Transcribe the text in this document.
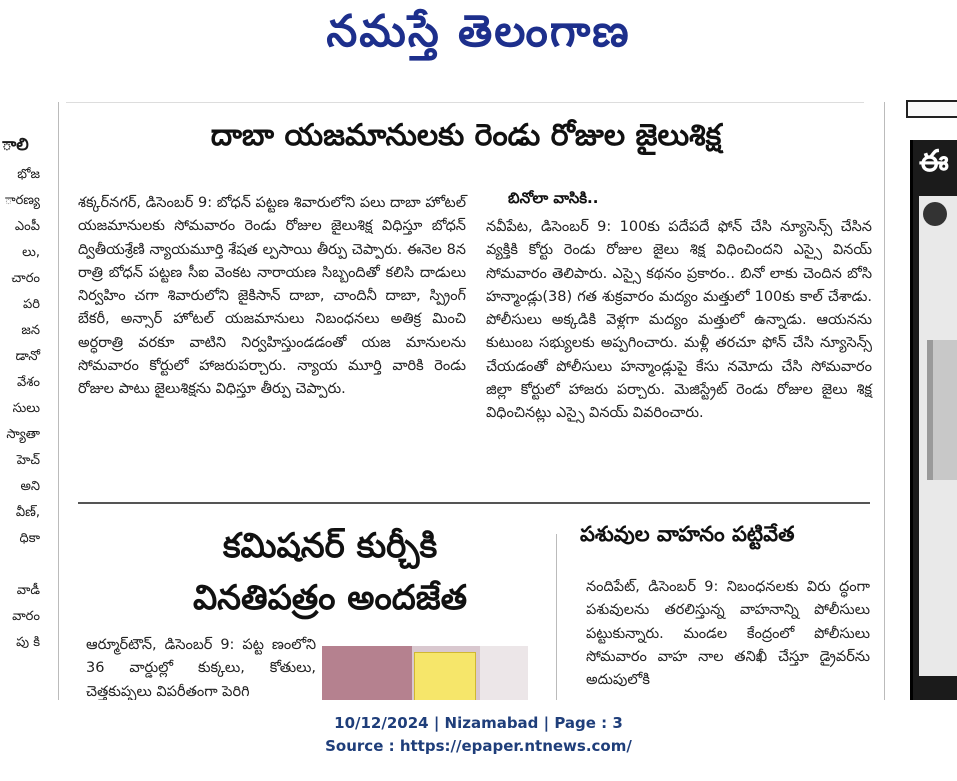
నమస్తే తెలంగాణ
ాలి
భోజ
ారణ్య
ఎంపీ
లు,
చారం
పరి
జన
డానో
వేశం
సులు
స్యాతా
హెచ్
అని
వీణ్,
ధికా

వాడీ
వారం
పు కి
దాబా యజమానులకు రెండు రోజుల జైలుశిక్ష
శక్కర్‌నగర్, డిసెంబర్ 9: బోధన్ పట్టణ శివారులోని పలు దాబా హోటల్ యజమానులకు సోమవారం రెండు రోజుల జైలుశిక్ష విధిస్తూ బోధన్ ద్వితీయశ్రేణి న్యాయమూర్తి శేషత ల్పసాయి తీర్పు చెప్పారు. ఈనెల 8న రాత్రి బోధన్ పట్టణ సీఐ వెంకట నారాయణ సిబ్బందితో కలిసి దాడులు నిర్వహిం చగా శివారులోని జైకిసాన్ దాబా, చాందినీ దాబా, స్ప్రింగ్ బేకరీ, అన్సార్ హోటల్ యజమానులు నిబంధనలు అతిక్ర మించి అర్ధరాత్రి వరకూ వాటిని నిర్వహిస్తుండడంతో యజ మానులను సోమవారం కోర్టులో హాజరుపర్చారు. న్యాయ మూర్తి వారికి రెండు రోజుల పాటు జైలుశిక్షను విధిస్తూ తీర్పు చెప్పారు.
బినోలా వాసికి..
నవీపేట, డిసెంబర్ 9: 100కు పదేపదే ఫోన్ చేసి న్యూసెన్స్ చేసిన వ్యక్తికి కోర్టు రెండు రోజుల జైలు శిక్ష విధించిందని ఎస్సై వినయ్ సోమవారం తెలిపారు. ఎస్సై కథనం ప్రకారం.. బినో లాకు చెందిన బోసి హన్మాండ్లు(38) గత శుక్రవారం మద్యం మత్తులో 100కు కాల్ చేశాడు. పోలీసులు అక్కడికి వెళ్లగా మద్యం మత్తులో ఉన్నాడు. ఆయనను కుటుంబ సభ్యులకు అప్పగించారు. మళ్లీ తరచూ ఫోన్ చేసి న్యూసెన్స్ చేయడంతో పోలీసులు హన్మాండ్లుపై కేసు నమోదు చేసి సోమవారం జిల్లా కోర్టులో హాజరు పర్చారు. మెజిస్ట్రేట్ రెండు రోజుల జైలు శిక్ష విధించినట్లు ఎస్సై వినయ్ వివరించారు.
కమిషనర్ కుర్చీకి
వినతిపత్రం అందజేత
ఆర్మూర్‌టౌన్, డిసెంబర్ 9: పట్ట ణంలోని 36 వార్డుల్లో కుక్కలు, కోతులు, చెత్తకుప్పలు విపరీతంగా పెరిగి
పశువుల వాహనం పట్టివేత
నందిపేట్, డిసెంబర్ 9: నిబంధనలకు విరు ద్ధంగా పశువులను తరలిస్తున్న వాహనాన్ని పోలీసులు పట్టుకున్నారు. మండల కేంద్రంలో పోలీసులు సోమవారం వాహ నాల తనిఖీ చేస్తూ డ్రైవర్‌ను అదుపులోకి
ఈ
10/12/2024 | Nizamabad | Page : 3
Source : https://epaper.ntnews.com/
